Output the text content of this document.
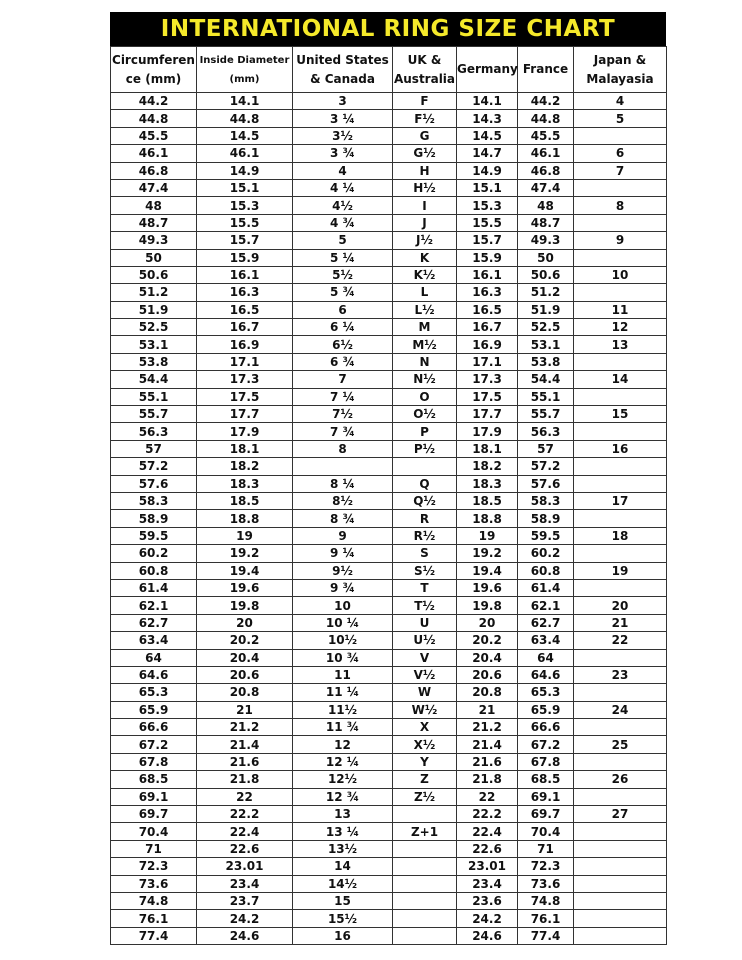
INTERNATIONAL RING SIZE CHART
Circumferen ce (mm)	Inside Diameter (mm)	United States & Canada	UK & Australia	Germany	France	Japan & Malayasia
44.2	14.1	3	F	14.1	44.2	4
44.8	44.8	3 ¼	F½	14.3	44.8	5
45.5	14.5	3½	G	14.5	45.5	
46.1	46.1	3 ¾	G½	14.7	46.1	6
46.8	14.9	4	H	14.9	46.8	7
47.4	15.1	4 ¼	H½	15.1	47.4	
48	15.3	4½	I	15.3	48	8
48.7	15.5	4 ¾	J	15.5	48.7	
49.3	15.7	5	J½	15.7	49.3	9
50	15.9	5 ¼	K	15.9	50	
50.6	16.1	5½	K½	16.1	50.6	10
51.2	16.3	5 ¾	L	16.3	51.2	
51.9	16.5	6	L½	16.5	51.9	11
52.5	16.7	6 ¼	M	16.7	52.5	12
53.1	16.9	6½	M½	16.9	53.1	13
53.8	17.1	6 ¾	N	17.1	53.8	
54.4	17.3	7	N½	17.3	54.4	14
55.1	17.5	7 ¼	O	17.5	55.1	
55.7	17.7	7½	O½	17.7	55.7	15
56.3	17.9	7 ¾	P	17.9	56.3	
57	18.1	8	P½	18.1	57	16
57.2	18.2			18.2	57.2	
57.6	18.3	8 ¼	Q	18.3	57.6	
58.3	18.5	8½	Q½	18.5	58.3	17
58.9	18.8	8 ¾	R	18.8	58.9	
59.5	19	9	R½	19	59.5	18
60.2	19.2	9 ¼	S	19.2	60.2	
60.8	19.4	9½	S½	19.4	60.8	19
61.4	19.6	9 ¾	T	19.6	61.4	
62.1	19.8	10	T½	19.8	62.1	20
62.7	20	10 ¼	U	20	62.7	21
63.4	20.2	10½	U½	20.2	63.4	22
64	20.4	10 ¾	V	20.4	64	
64.6	20.6	11	V½	20.6	64.6	23
65.3	20.8	11 ¼	W	20.8	65.3	
65.9	21	11½	W½	21	65.9	24
66.6	21.2	11 ¾	X	21.2	66.6	
67.2	21.4	12	X½	21.4	67.2	25
67.8	21.6	12 ¼	Y	21.6	67.8	
68.5	21.8	12½	Z	21.8	68.5	26
69.1	22	12 ¾	Z½	22	69.1	
69.7	22.2	13		22.2	69.7	27
70.4	22.4	13 ¼	Z+1	22.4	70.4	
71	22.6	13½		22.6	71	
72.3	23.01	14		23.01	72.3	
73.6	23.4	14½		23.4	73.6	
74.8	23.7	15		23.6	74.8	
76.1	24.2	15½		24.2	76.1	
77.4	24.6	16		24.6	77.4	
